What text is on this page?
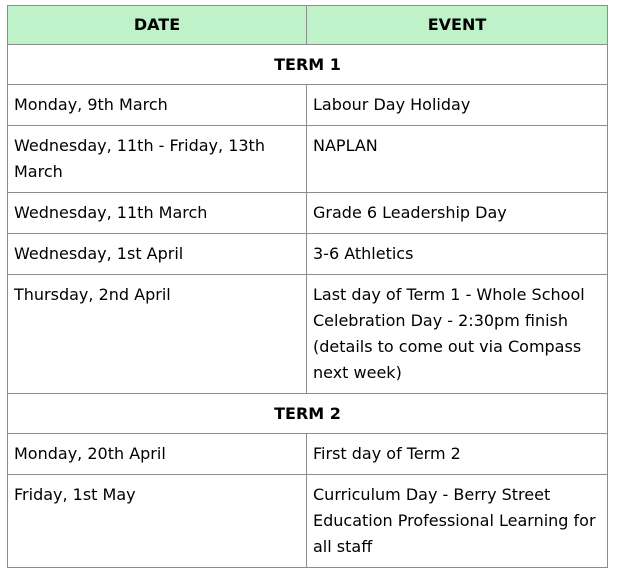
DATE	EVENT
TERM 1	
Monday, 9th March	Labour Day Holiday
Wednesday, 11th - Friday, 13th March	NAPLAN
Wednesday, 11th March	Grade 6 Leadership Day
Wednesday, 1st April	3-6 Athletics
Thursday, 2nd April	Last day of Term 1 - Whole School Celebration Day - 2:30pm finish (details to come out via Compass next week)
TERM 2	
Monday, 20th April	First day of Term 2
Friday, 1st May	Curriculum Day - Berry Street Education Professional Learning for all staff
